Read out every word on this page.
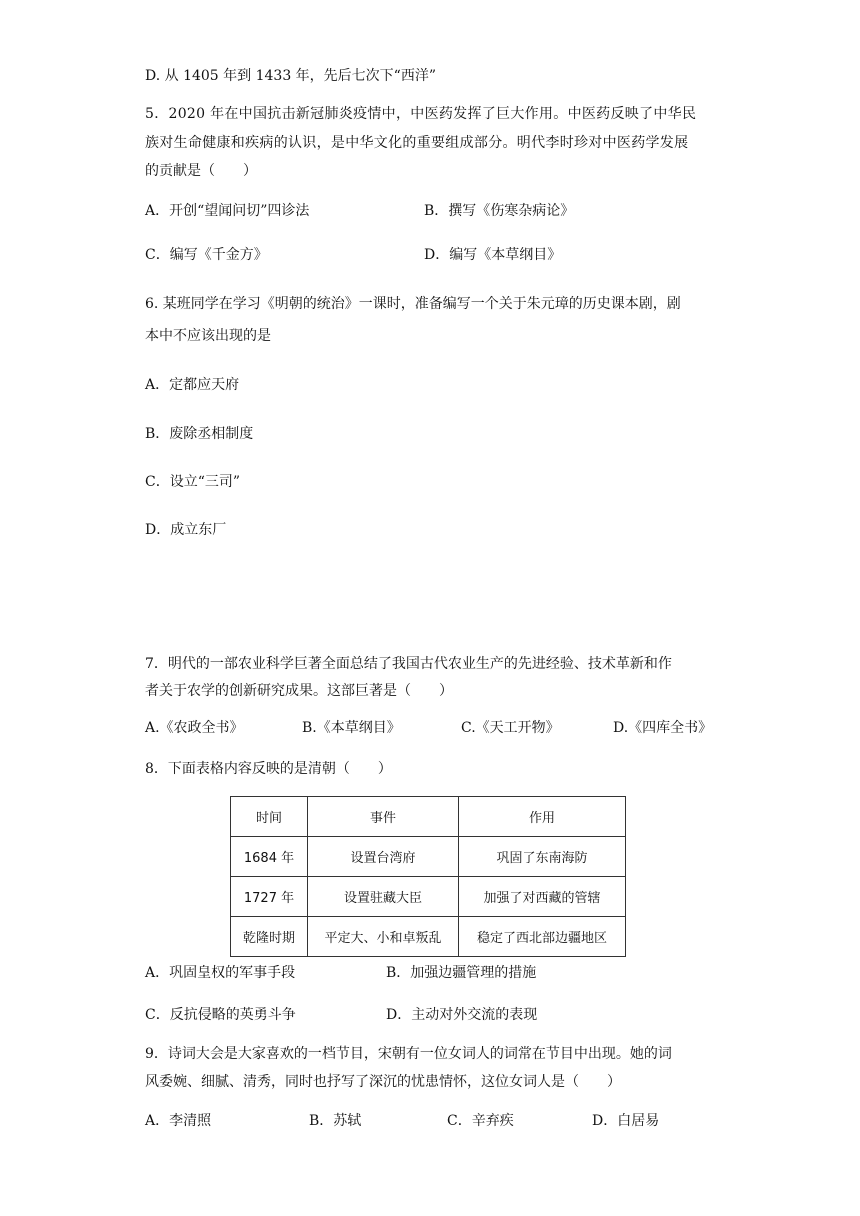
D. 从 1405 年到 1433 年，先后七次下“西洋”
5．2020 年在中国抗击新冠肺炎疫情中，中医药发挥了巨大作用。中医药反映了中华民
族对生命健康和疾病的认识，是中华文化的重要组成部分。明代李时珍对中医药学发展
的贡献是（　　）
A．开创“望闻问切”四诊法	B．撰写《伤寒杂病论》
C．编写《千金方》	D．编写《本草纲目》
6. 某班同学在学习《明朝的统治》一课时，准备编写一个关于朱元璋的历史课本剧，剧
本中不应该出现的是
A．定都应天府
B．废除丞相制度
C．设立“三司”
D．成立东厂
7．明代的一部农业科学巨著全面总结了我国古代农业生产的先进经验、技术革新和作
者关于农学的创新研究成果。这部巨著是（　　）
A.《农政全书》	B.《本草纲目》	C.《天工开物》	D.《四库全书》
8．下面表格内容反映的是清朝（　　）
时间	事件	作用
1684 年	设置台湾府	巩固了东南海防
1727 年	设置驻藏大臣	加强了对西藏的管辖
乾隆时期	平定大、小和卓叛乱	稳定了西北部边疆地区
A．巩固皇权的军事手段	B．加强边疆管理的措施
C．反抗侵略的英勇斗争	D．主动对外交流的表现
9．诗词大会是大家喜欢的一档节目，宋朝有一位女词人的词常在节目中出现。她的词
风委婉、细腻、清秀，同时也抒写了深沉的忧患情怀，这位女词人是（　　）
A．李清照	B．苏轼	C．辛弃疾	D．白居易
